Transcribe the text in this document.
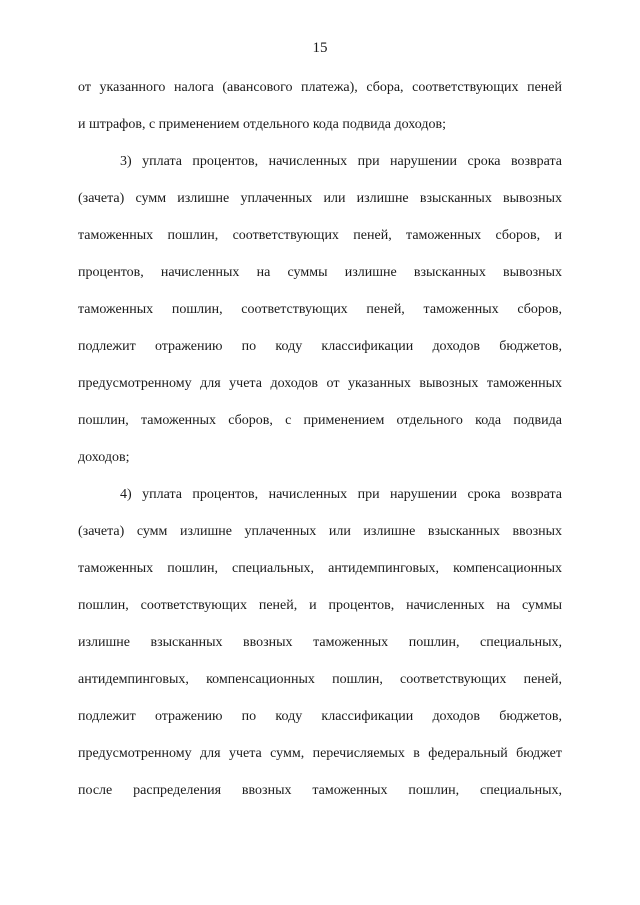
15
от указанного налога (авансового платежа), сбора, соответствующих пеней
и штрафов, с применением отдельного кода подвида доходов;
3) уплата процентов, начисленных при нарушении срока возврата
(зачета) сумм излишне уплаченных или излишне взысканных вывозных
таможенных пошлин, соответствующих пеней, таможенных сборов, и
процентов, начисленных на суммы излишне взысканных вывозных
таможенных пошлин, соответствующих пеней, таможенных сборов,
подлежит отражению по коду классификации доходов бюджетов,
предусмотренному для учета доходов от указанных вывозных таможенных
пошлин, таможенных сборов, с применением отдельного кода подвида
доходов;
4) уплата процентов, начисленных при нарушении срока возврата
(зачета) сумм излишне уплаченных или излишне взысканных ввозных
таможенных пошлин, специальных, антидемпинговых, компенсационных
пошлин, соответствующих пеней, и процентов, начисленных на суммы
излишне взысканных ввозных таможенных пошлин, специальных,
антидемпинговых, компенсационных пошлин, соответствующих пеней,
подлежит отражению по коду классификации доходов бюджетов,
предусмотренному для учета сумм, перечисляемых в федеральный бюджет
после распределения ввозных таможенных пошлин, специальных,
